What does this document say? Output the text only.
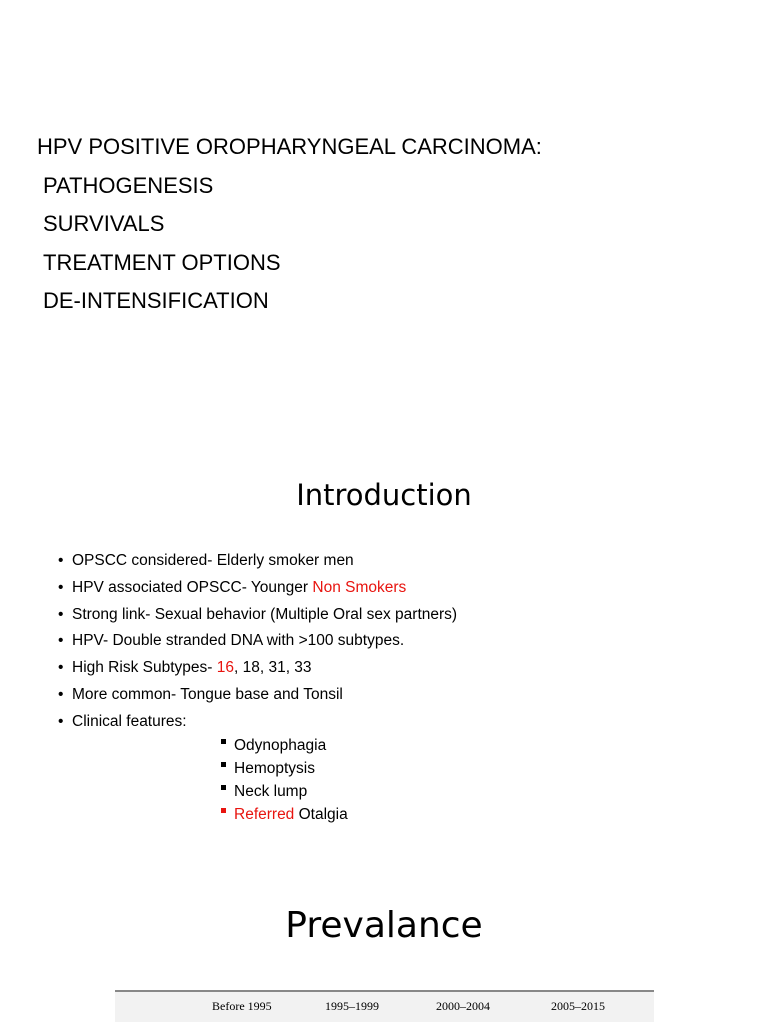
HPV POSITIVE OROPHARYNGEAL CARCINOMA:
PATHOGENESIS
SURVIVALS
TREATMENT OPTIONS
DE-INTENSIFICATION
Introduction
• OPSCC considered- Elderly smoker men
• HPV associated OPSCC- Younger Non Smokers
• Strong link- Sexual behavior (Multiple Oral sex partners)
• HPV- Double stranded DNA with >100 subtypes.
• High Risk Subtypes- 16, 18, 31, 33
• More common- Tongue base and Tonsil
• Clinical features:
Odynophagia
Hemoptysis
Neck lump
Referred Otalgia
Prevalance
Before 1995	1995–1999	2000–2004	2005–2015
